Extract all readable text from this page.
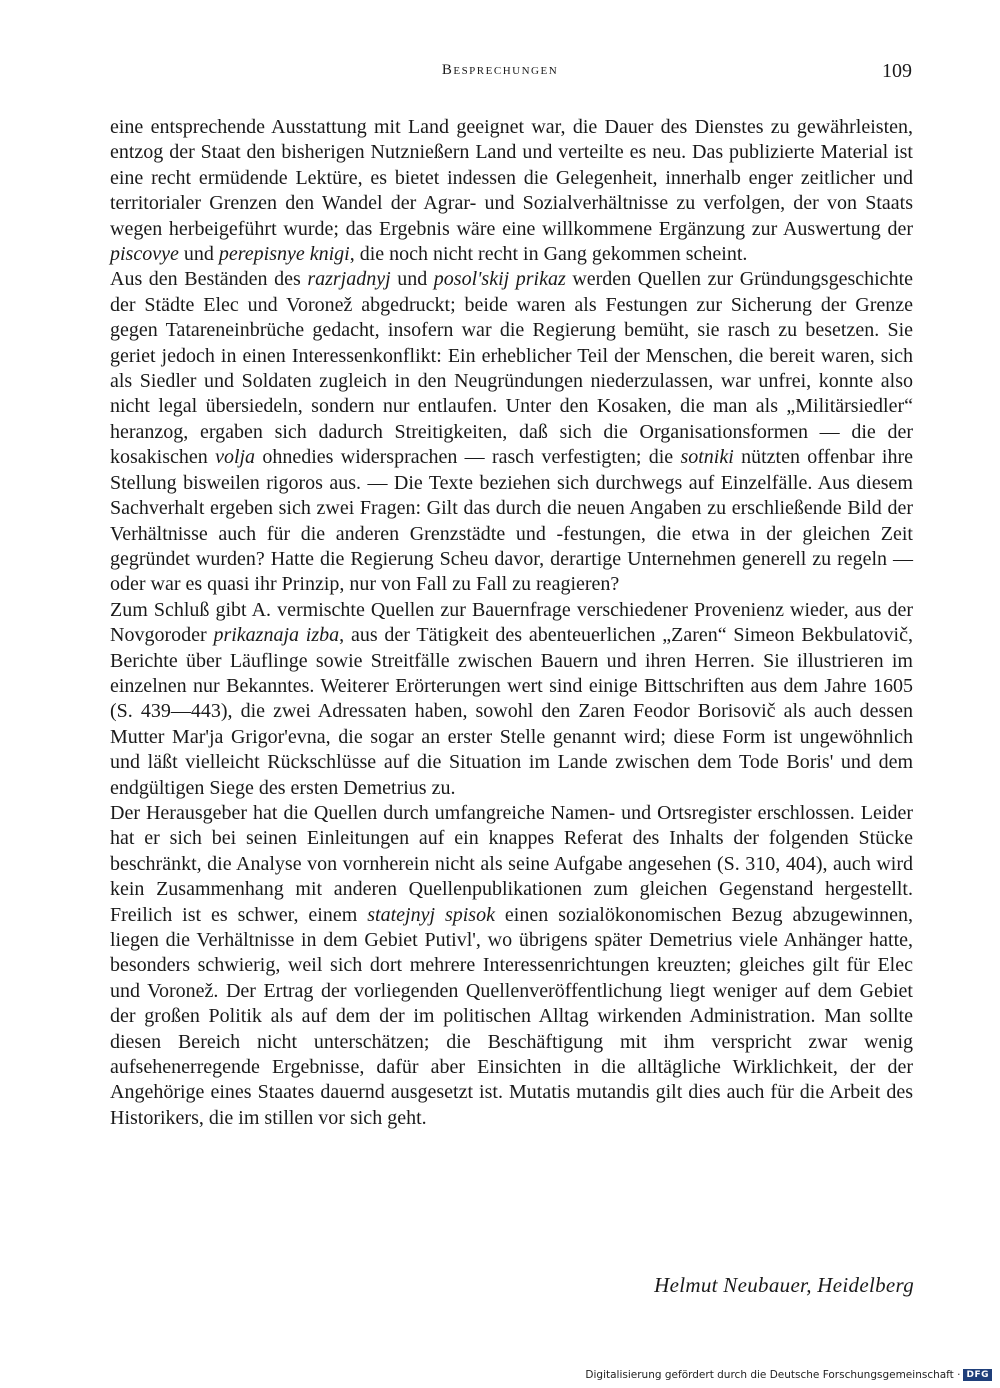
Besprechungen	109

eine entsprechende Ausstattung mit Land geeignet war, die Dauer des Dienstes zu gewährleisten, entzog der Staat den bisherigen Nutznießern Land und verteilte es neu. Das publizierte Material ist eine recht ermüdende Lektüre, es bietet indessen die Gelegenheit, innerhalb enger zeitlicher und territorialer Grenzen den Wandel der Agrar- und Sozialverhältnisse zu verfolgen, der von Staats wegen herbeigeführt wurde; das Ergebnis wäre eine willkommene Ergänzung zur Auswertung der piscovye und perepisnye knigi, die noch nicht recht in Gang gekommen scheint.

Aus den Beständen des razrjadnyj und posol'skij prikaz werden Quellen zur Gründungsgeschichte der Städte Elec und Voronež abgedruckt; beide waren als Festungen zur Sicherung der Grenze gegen Tatareneinbrüche gedacht, insofern war die Regierung bemüht, sie rasch zu besetzen. Sie geriet jedoch in einen Interessenkonflikt: Ein erheblicher Teil der Menschen, die bereit waren, sich als Siedler und Soldaten zugleich in den Neugründungen niederzulassen, war unfrei, konnte also nicht legal übersiedeln, sondern nur entlaufen. Unter den Kosaken, die man als „Militärsiedler“ heranzog, ergaben sich dadurch Streitigkeiten, daß sich die Organisationsformen — die der kosakischen volja ohnedies widersprachen — rasch verfestigten; die sotniki nützten offenbar ihre Stellung bisweilen rigoros aus. — Die Texte beziehen sich durchwegs auf Einzelfälle. Aus diesem Sachverhalt ergeben sich zwei Fragen: Gilt das durch die neuen Angaben zu erschließende Bild der Verhältnisse auch für die anderen Grenzstädte und -festungen, die etwa in der gleichen Zeit gegründet wurden? Hatte die Regierung Scheu davor, derartige Unternehmen generell zu regeln — oder war es quasi ihr Prinzip, nur von Fall zu Fall zu reagieren?

Zum Schluß gibt A. vermischte Quellen zur Bauernfrage verschiedener Provenienz wieder, aus der Novgoroder prikaznaja izba, aus der Tätigkeit des abenteuerlichen „Zaren“ Simeon Bekbulatovič, Berichte über Läuflinge sowie Streitfälle zwischen Bauern und ihren Herren. Sie illustrieren im einzelnen nur Bekanntes. Weiterer Erörterungen wert sind einige Bittschriften aus dem Jahre 1605 (S. 439—443), die zwei Adressaten haben, sowohl den Zaren Feodor Borisovič als auch dessen Mutter Mar'ja Grigor'evna, die sogar an erster Stelle genannt wird; diese Form ist ungewöhnlich und läßt vielleicht Rückschlüsse auf die Situation im Lande zwischen dem Tode Boris' und dem endgültigen Siege des ersten Demetrius zu.

Der Herausgeber hat die Quellen durch umfangreiche Namen- und Ortsregister erschlossen. Leider hat er sich bei seinen Einleitungen auf ein knappes Referat des Inhalts der folgenden Stücke beschränkt, die Analyse von vornherein nicht als seine Aufgabe angesehen (S. 310, 404), auch wird kein Zusammenhang mit anderen Quellenpublikationen zum gleichen Gegenstand hergestellt. Freilich ist es schwer, einem statejnyj spisok einen sozialökonomischen Bezug abzugewinnen, liegen die Verhältnisse in dem Gebiet Putivl', wo übrigens später Demetrius viele Anhänger hatte, besonders schwierig, weil sich dort mehrere Interessenrichtungen kreuzten; gleiches gilt für Elec und Voronež. Der Ertrag der vorliegenden Quellenveröffentlichung liegt weniger auf dem Gebiet der großen Politik als auf dem der im politischen Alltag wirkenden Administration. Man sollte diesen Bereich nicht unterschätzen; die Beschäftigung mit ihm verspricht zwar wenig aufsehenerregende Ergebnisse, dafür aber Einsichten in die alltägliche Wirklichkeit, der der Angehörige eines Staates dauernd ausgesetzt ist. Mutatis mutandis gilt dies auch für die Arbeit des Historikers, die im stillen vor sich geht.

Helmut Neubauer, Heidelberg
Digitalisierung gefördert durch die Deutsche Forschungsgemeinschaft · DFG
